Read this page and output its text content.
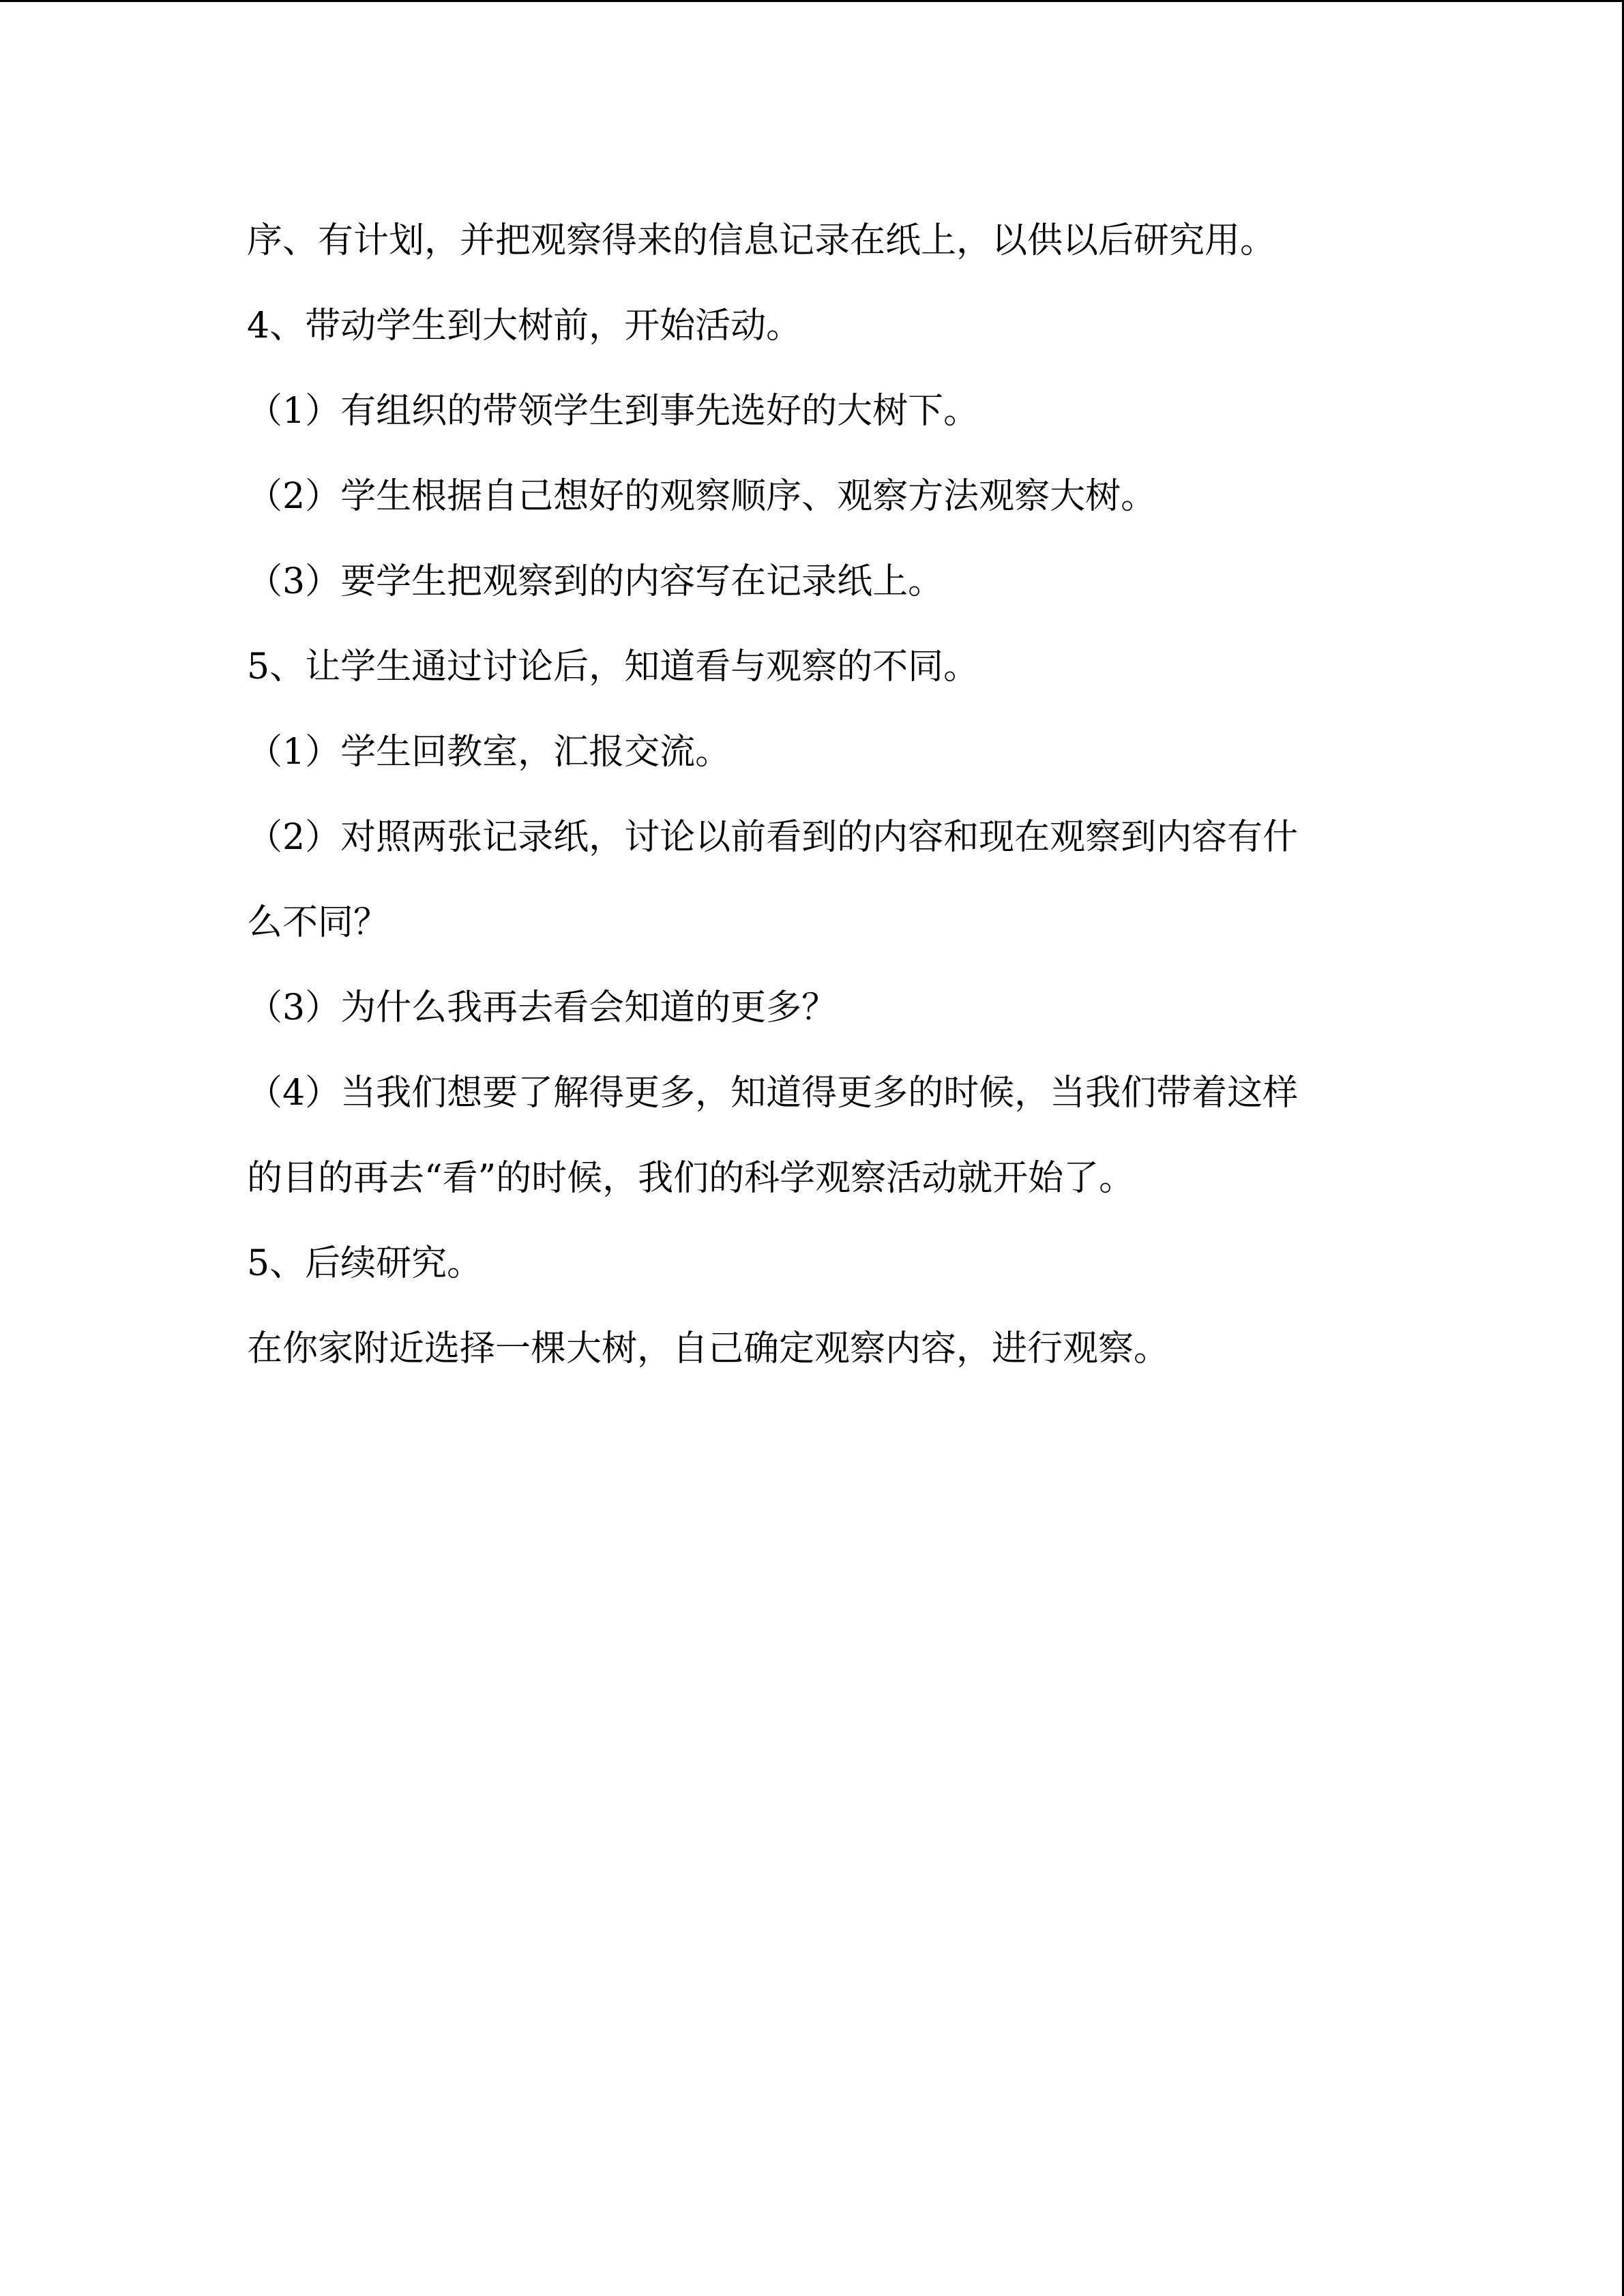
序、有计划，并把观察得来的信息记录在纸上，以供以后研究用。
4、带动学生到大树前，开始活动。
（1）有组织的带领学生到事先选好的大树下。
（2）学生根据自己想好的观察顺序、观察方法观察大树。
（3）要学生把观察到的内容写在记录纸上。
5、让学生通过讨论后，知道看与观察的不同。
（1）学生回教室，汇报交流。
（2）对照两张记录纸，讨论以前看到的内容和现在观察到内容有什
么不同？
（3）为什么我再去看会知道的更多？
（4）当我们想要了解得更多，知道得更多的时候，当我们带着这样
的目的再去“看”的时候，我们的科学观察活动就开始了。
5、后续研究。
在你家附近选择一棵大树，自己确定观察内容，进行观察。
